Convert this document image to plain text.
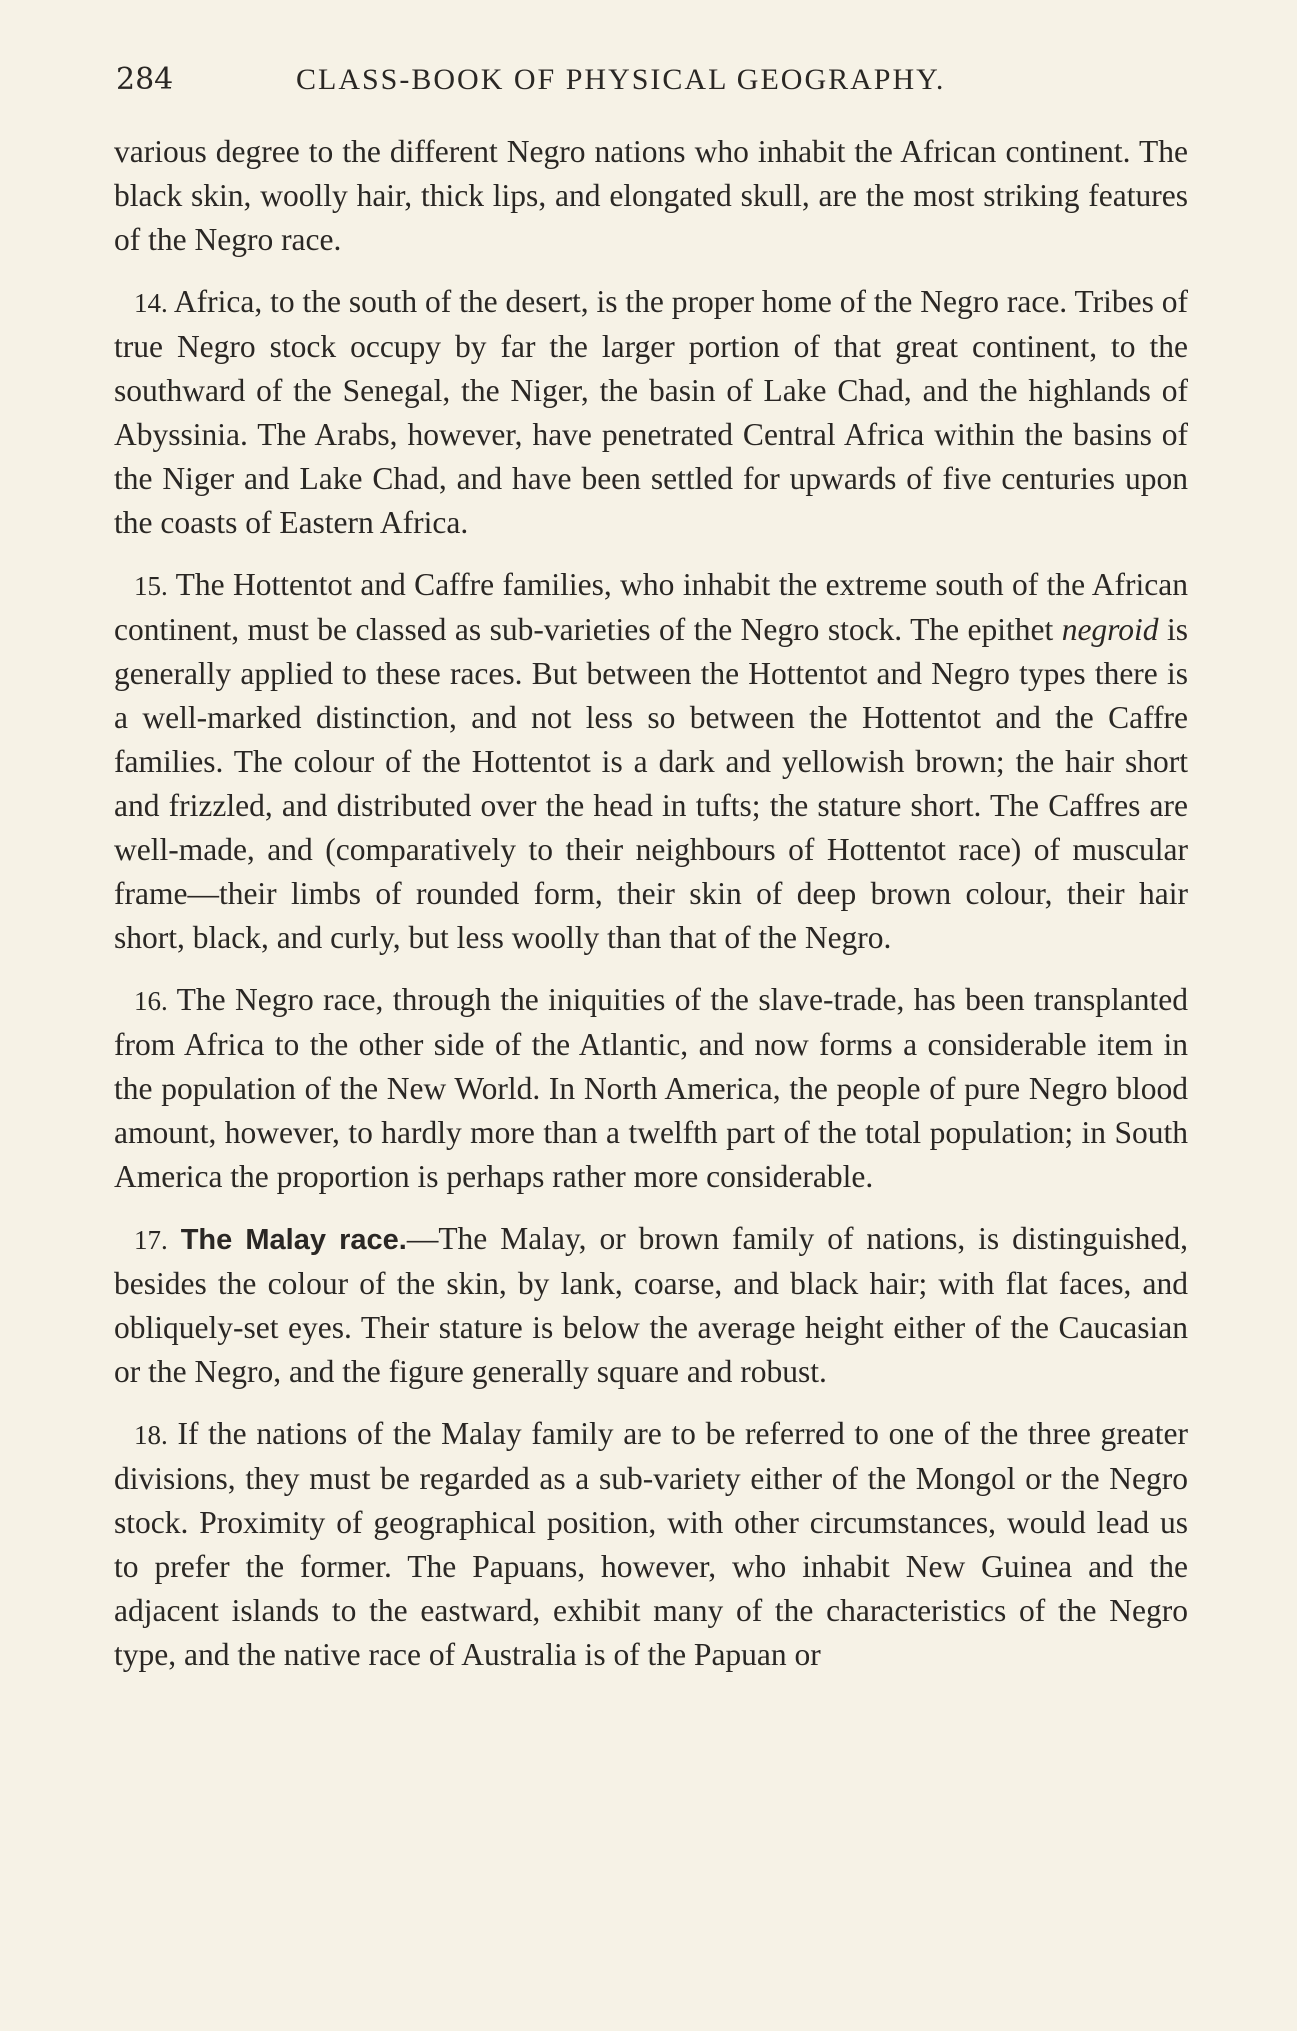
284	CLASS-BOOK OF PHYSICAL GEOGRAPHY.

various degree to the different Negro nations who inhabit the African continent. The black skin, woolly hair, thick lips, and elongated skull, are the most striking features of the Negro race.

14. Africa, to the south of the desert, is the proper home of the Negro race. Tribes of true Negro stock occupy by far the larger portion of that great continent, to the southward of the Senegal, the Niger, the basin of Lake Chad, and the highlands of Abyssinia. The Arabs, however, have penetrated Central Africa within the basins of the Niger and Lake Chad, and have been settled for upwards of five centuries upon the coasts of Eastern Africa.

15. The Hottentot and Caffre families, who inhabit the extreme south of the African continent, must be classed as sub-varieties of the Negro stock. The epithet negroid is generally applied to these races. But between the Hottentot and Negro types there is a well-marked distinction, and not less so between the Hottentot and the Caffre families. The colour of the Hottentot is a dark and yellowish brown; the hair short and frizzled, and distributed over the head in tufts; the stature short. The Caffres are well-made, and (comparatively to their neighbours of Hottentot race) of muscular frame—their limbs of rounded form, their skin of deep brown colour, their hair short, black, and curly, but less woolly than that of the Negro.

16. The Negro race, through the iniquities of the slave-trade, has been transplanted from Africa to the other side of the Atlantic, and now forms a considerable item in the population of the New World. In North America, the people of pure Negro blood amount, however, to hardly more than a twelfth part of the total population; in South America the proportion is perhaps rather more considerable.

17. The Malay race.—The Malay, or brown family of nations, is distinguished, besides the colour of the skin, by lank, coarse, and black hair; with flat faces, and obliquely-set eyes. Their stature is below the average height either of the Caucasian or the Negro, and the figure generally square and robust.

18. If the nations of the Malay family are to be referred to one of the three greater divisions, they must be regarded as a sub-variety either of the Mongol or the Negro stock. Proximity of geographical position, with other circumstances, would lead us to prefer the former. The Papuans, however, who inhabit New Guinea and the adjacent islands to the eastward, exhibit many of the characteristics of the Negro type, and the native race of Australia is of the Papuan or
